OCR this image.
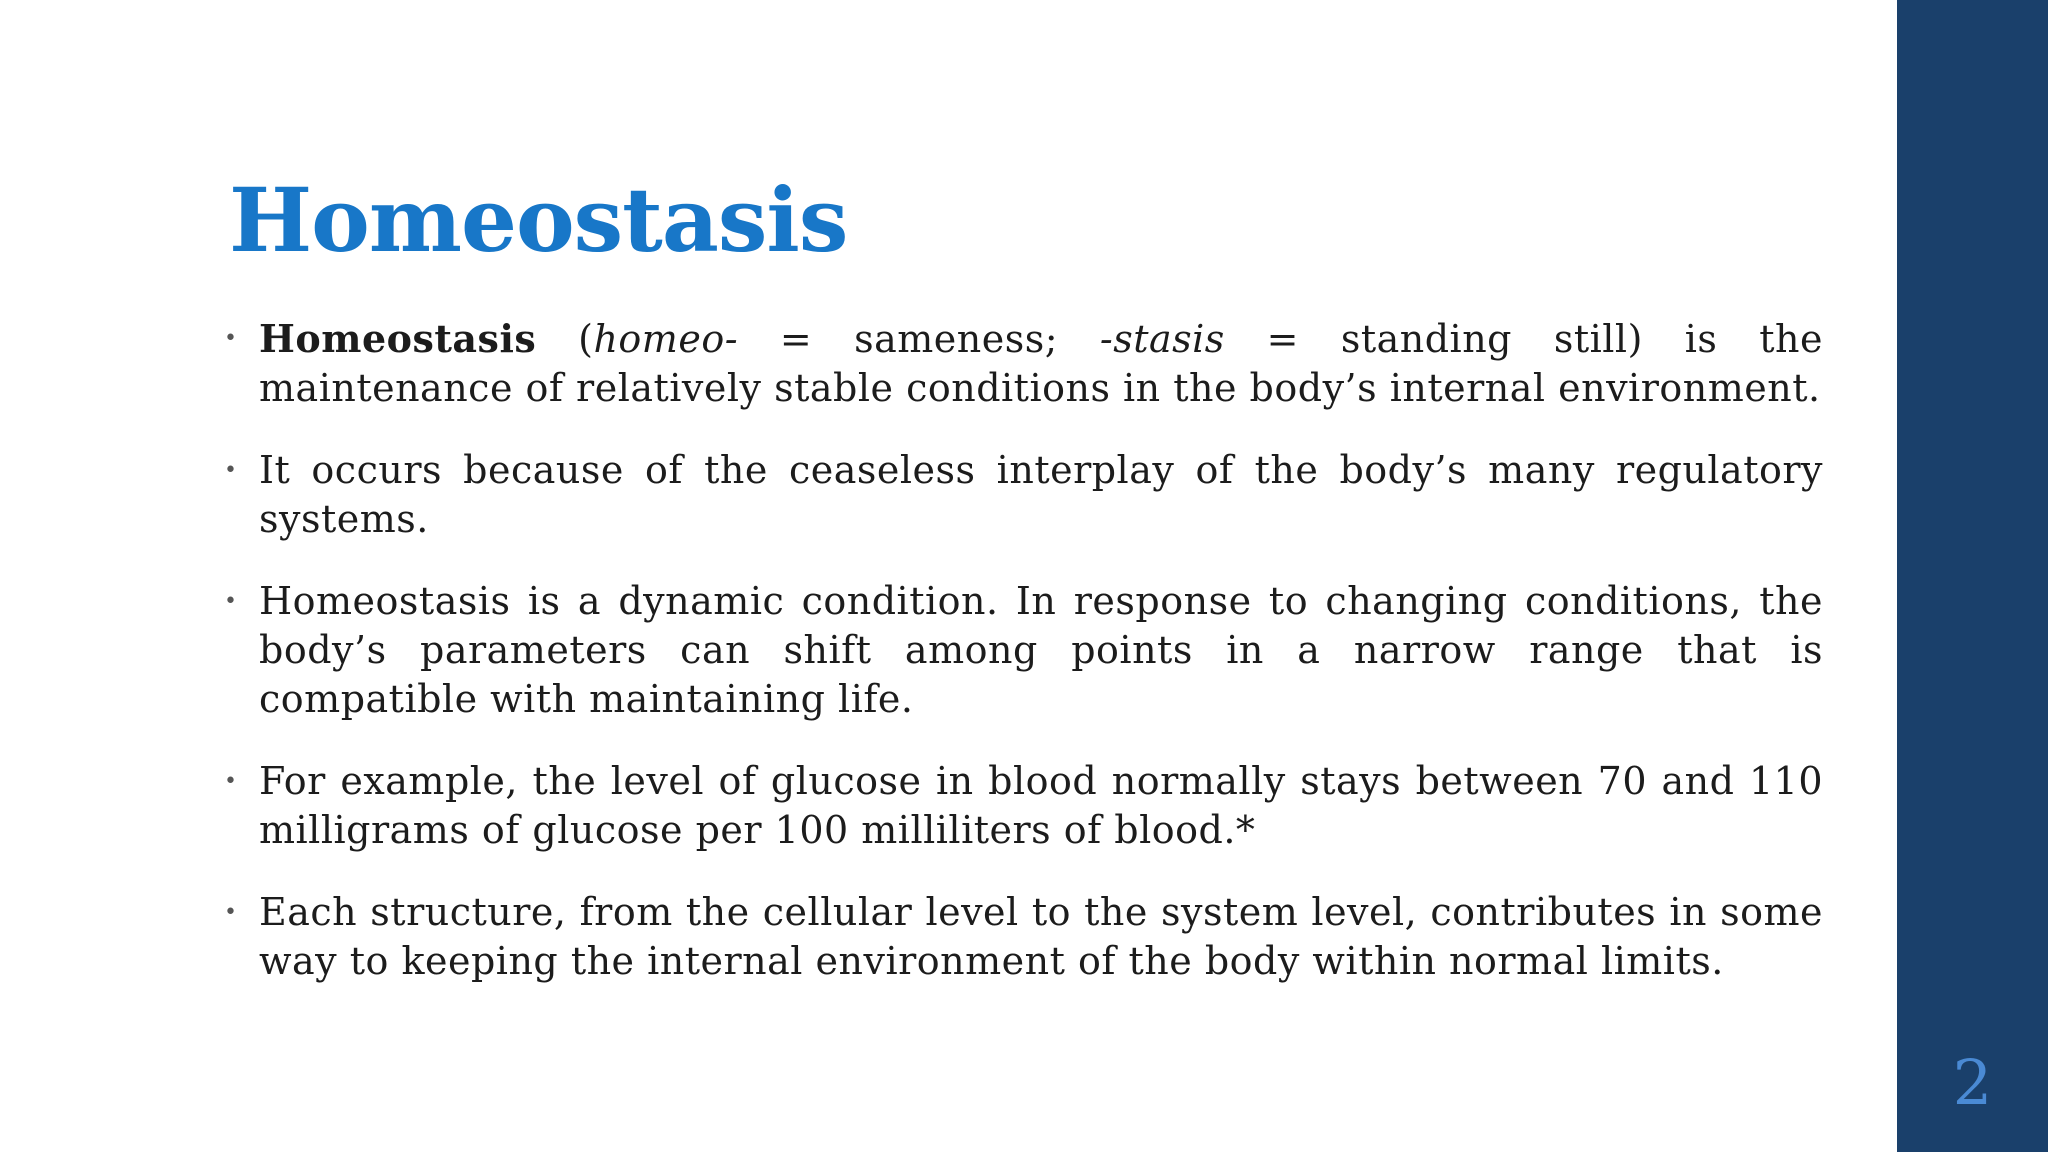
2
Homeostasis
• Homeostasis (homeo- = sameness; -stasis = standing still) is the maintenance of relatively stable conditions in the body’s internal environment.
• It occurs because of the ceaseless interplay of the body’s many regulatory systems.
• Homeostasis is a dynamic condition. In response to changing conditions, the body’s parameters can shift among points in a narrow range that is compatible with maintaining life.
• For example, the level of glucose in blood normally stays between 70 and 110 milligrams of glucose per 100 milliliters of blood.*
• Each structure, from the cellular level to the system level, contributes in some way to keeping the internal environment of the body within normal limits.
